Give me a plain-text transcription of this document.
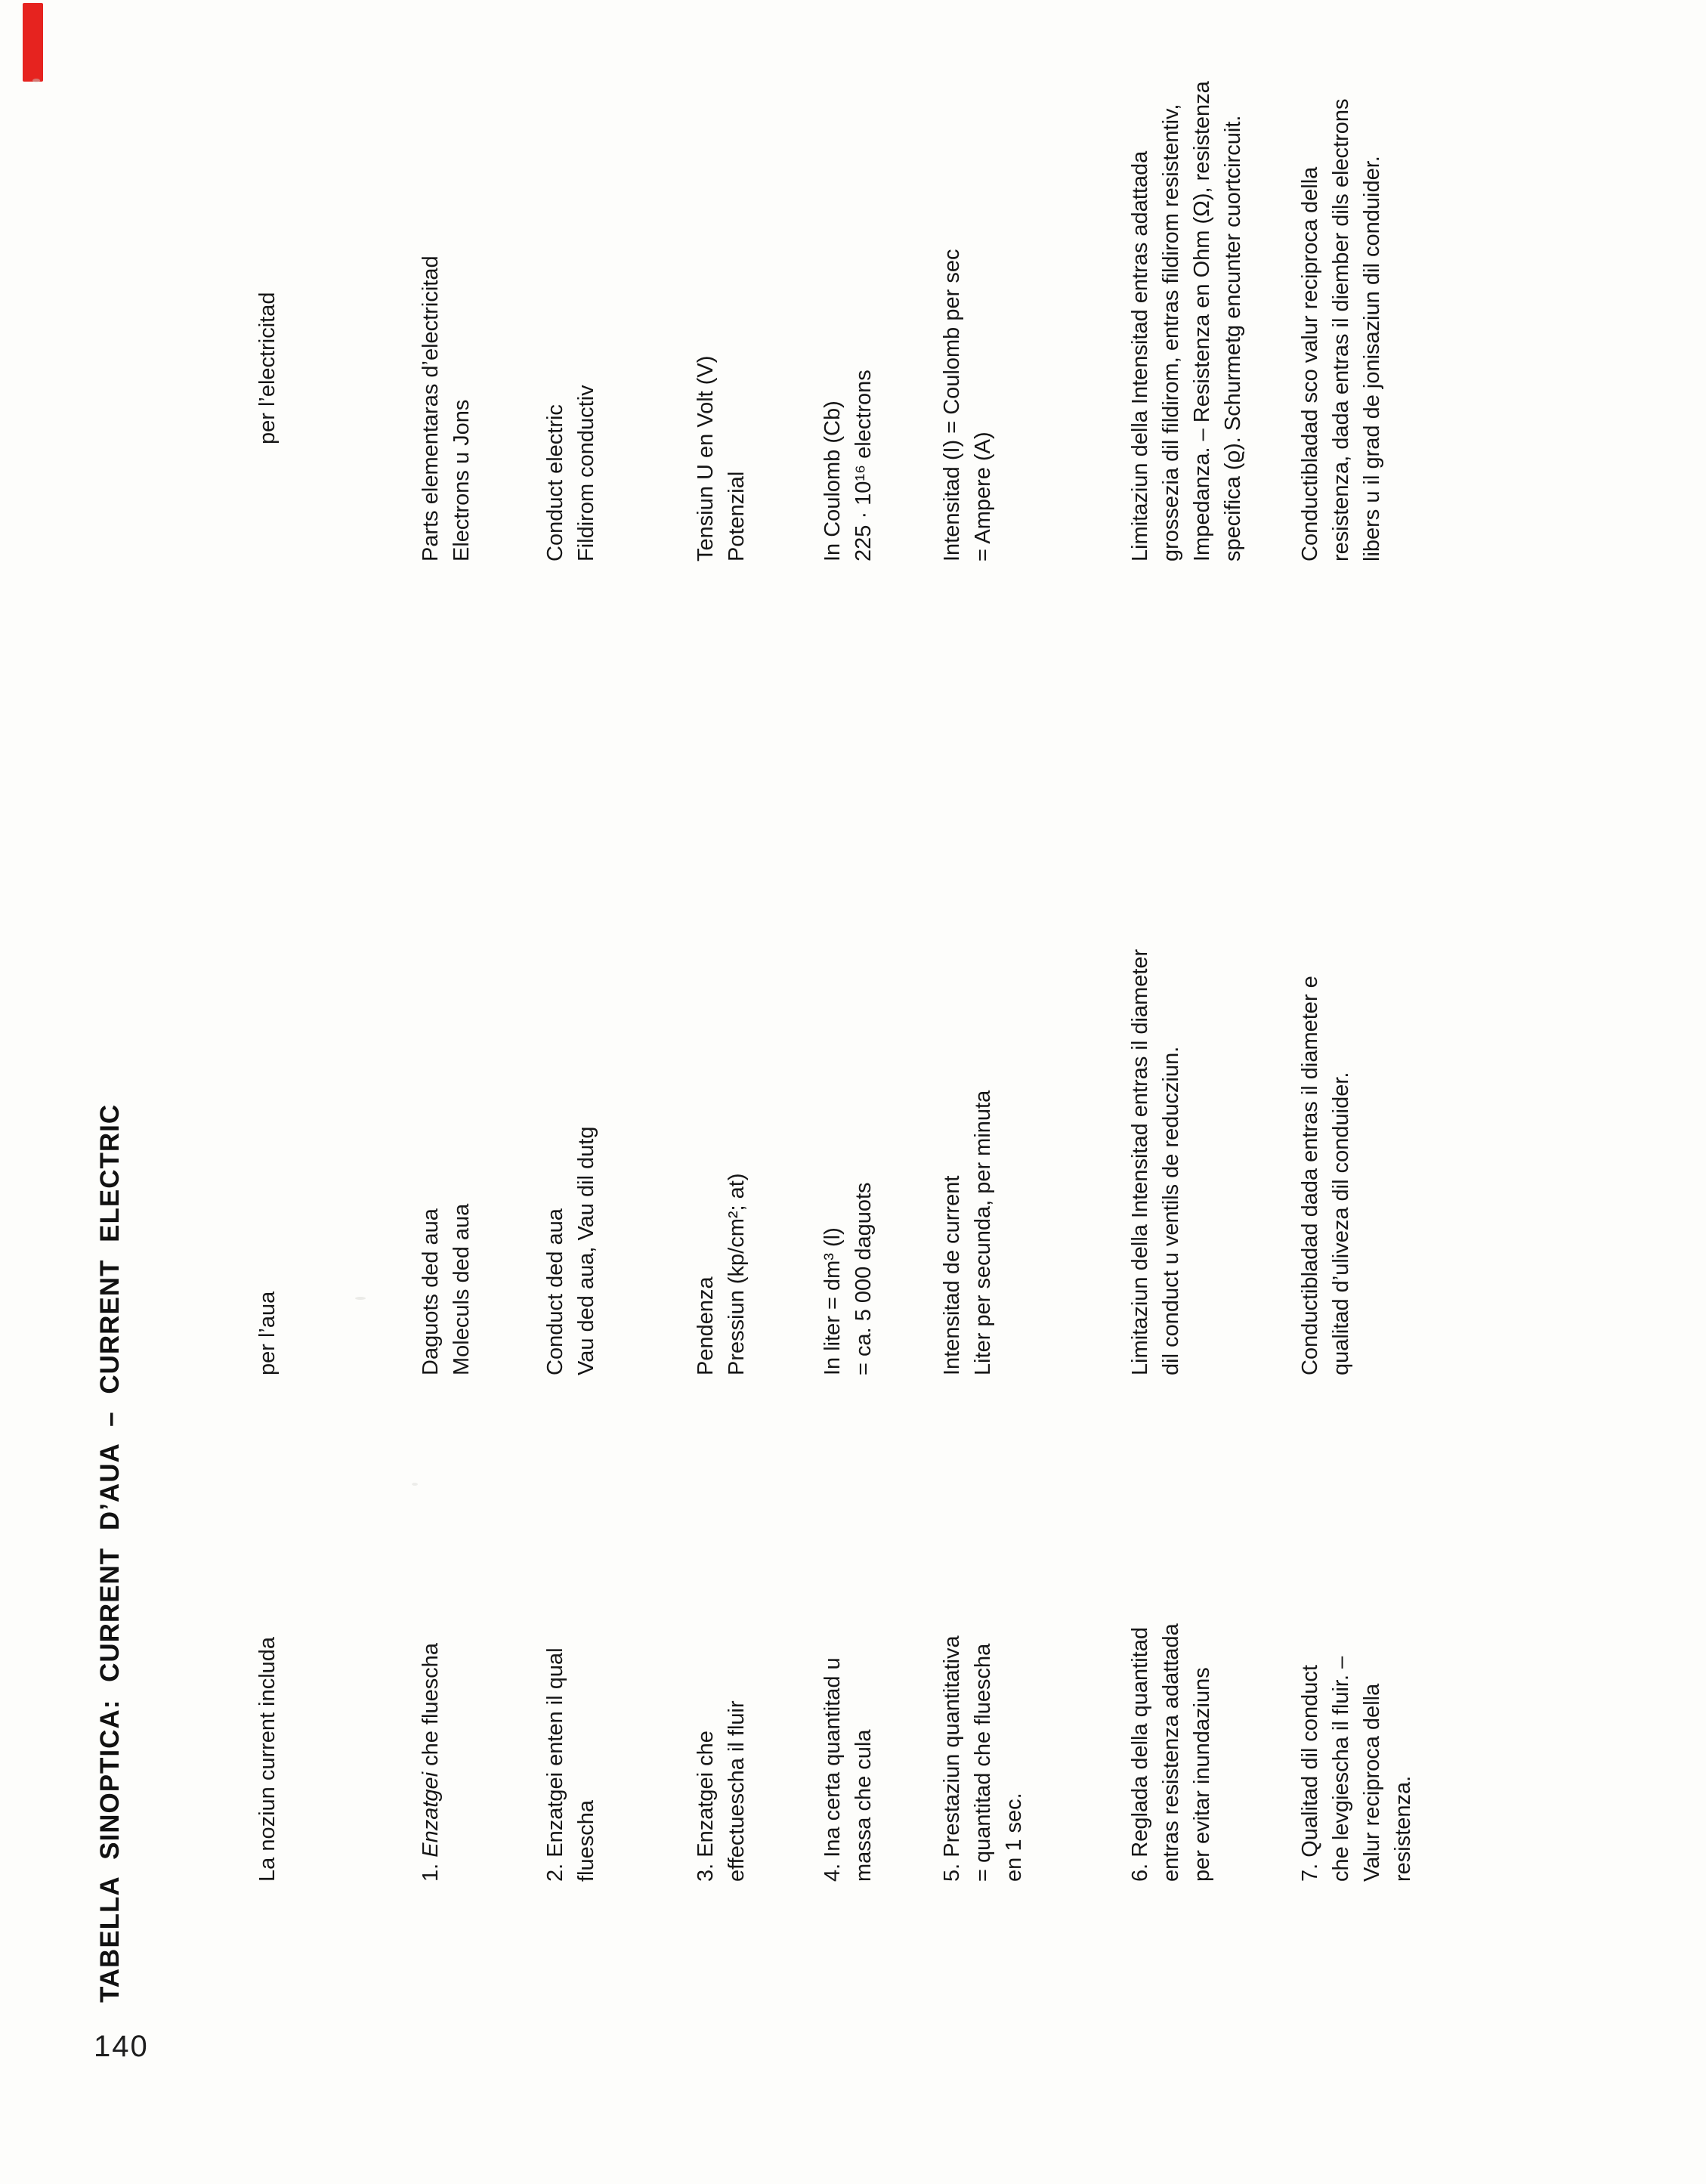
TABELLA SINOPTICA: CURRENT D’AUA – CURRENT ELECTRIC	La noziun current includa
per l’aua
per l’electricitad
1. Enzatgei che fluescha
Daguots ded aua Moleculs ded aua
Parts elementaras d’electricitad Electrons u Jons
2. Enzatgei enten il qual fluescha
Conduct ded aua Vau ded aua, Vau dil dutg
Conduct electric Fildirom conductiv
3. Enzatgei che effectuescha il fluir
Pendenza Pressiun (kp/cm²; at)
Tensiun U en Volt (V) Potenzial
4. Ina certa quantitad u massa che cula
In liter = dm³ (l) = ca. 5 000 daguots
In Coulomb (Cb) 225 · 10¹⁶ electrons
5. Prestaziun quantitativa = quantitad che fluescha en 1 sec.
Intensitad de current Liter per secunda, per minuta
Intensitad (I) = Coulomb per sec = Ampere (A)
6. Reglada della quantitad entras resistenza adattada per evitar inundaziuns
Limitaziun della Intensitad entras il diameter dil conduct u ventils de reducziun.
Limitaziun della Intensitad entras adattada grossezia dil fildirom, entras fildirom resistentiv, Impedanza. – Resistenza en Ohm (Ω), resistenza specifica (ϱ). Schurmetg encunter cuortcircuit.
7. Qualitad dil conduct che levgiescha il fluir. – Valur reciproca della resistenza.
Conductibladad dada entras il diameter e qualitad d’uliveza dil conduider.
Conductibladad sco valur reciproca della resistenza, dada entras il diember dils electrons libers u il grad de jonisaziun dil conduider.
140
